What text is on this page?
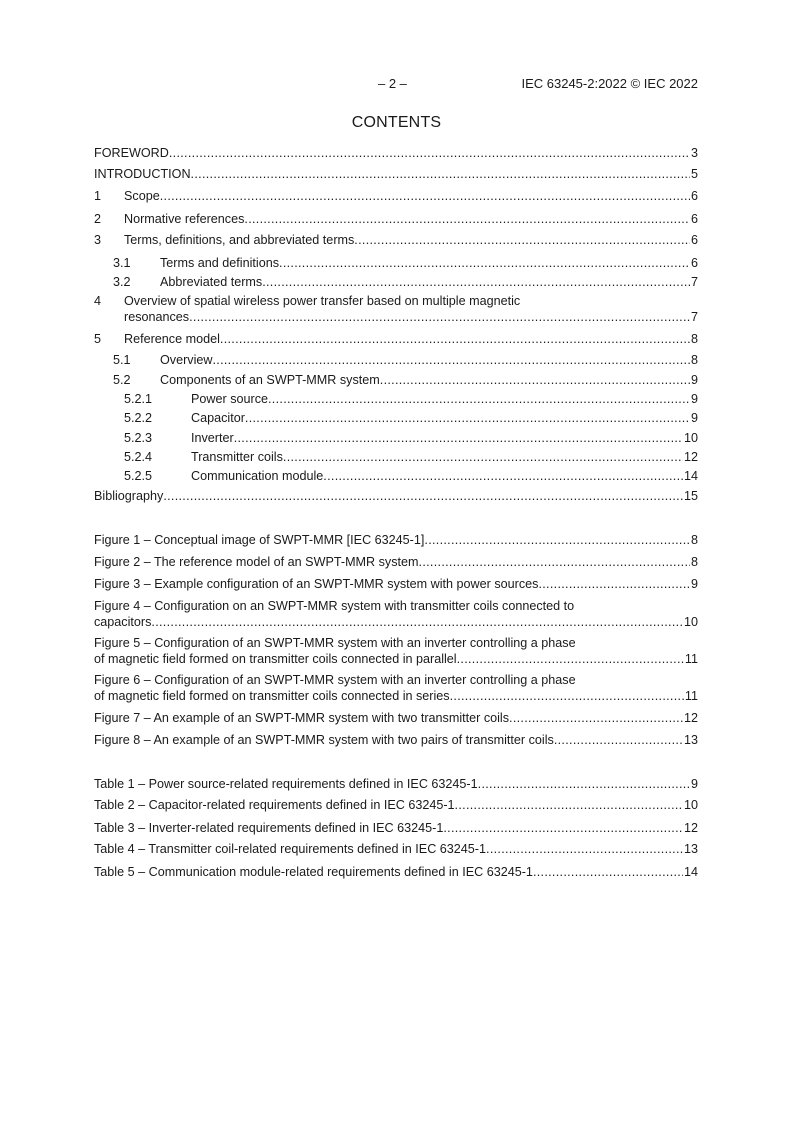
– 2 –	IEC 63245-2:2022 © IEC 2022
CONTENTS
FOREWORD .....	3
INTRODUCTION .....	5
1	Scope .....	6
2	Normative references .....	6
3	Terms, definitions, and abbreviated terms .....	6
3.1	Terms and definitions .....	6
3.2	Abbreviated terms .....	7
4 Overview of spatial wireless power transfer based on multiple magnetic
resonances .....	7
5	Reference model .....	8
5.1	Overview .....	8
5.2	Components of an SWPT-MMR system .....	9
5.2.1	Power source .....	9
5.2.2	Capacitor .....	9
5.2.3	Inverter .....	10
5.2.4	Transmitter coils .....	12
5.2.5	Communication module .....	14
Bibliography .....	15
Figure 1 – Conceptual image of SWPT-MMR [IEC 63245-1] .....	8
Figure 2 – The reference model of an SWPT-MMR system .....	8
Figure 3 – Example configuration of an SWPT-MMR system with power sources .....	9
Figure 4 – Configuration on an SWPT-MMR system with transmitter coils connected to
capacitors .....	10
Figure 5 – Configuration of an SWPT-MMR system with an inverter controlling a phase
of magnetic field formed on transmitter coils connected in parallel .....	11
Figure 6 – Configuration of an SWPT-MMR system with an inverter controlling a phase
of magnetic field formed on transmitter coils connected in series .....	11
Figure 7 – An example of an SWPT-MMR system with two transmitter coils .....	12
Figure 8 – An example of an SWPT-MMR system with two pairs of transmitter coils .....	13
Table 1 – Power source-related requirements defined in IEC 63245-1 .....	9
Table 2 – Capacitor-related requirements defined in IEC 63245-1 .....	10
Table 3 – Inverter-related requirements defined in IEC 63245-1 .....	12
Table 4 – Transmitter coil-related requirements defined in IEC 63245-1 .....	13
Table 5 – Communication module-related requirements defined in IEC 63245-1 .....	14
